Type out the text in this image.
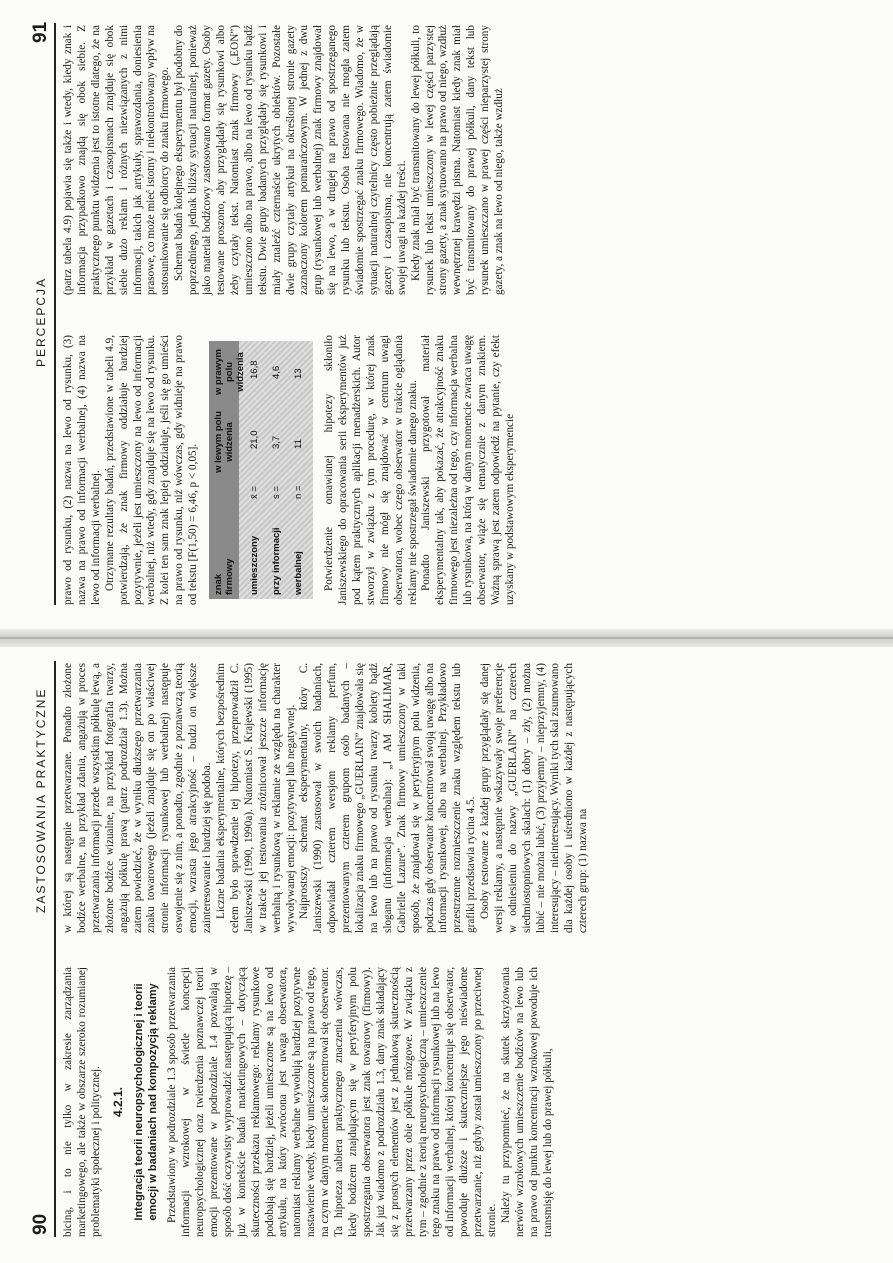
90
ZASTOSOWANIA PRAKTYCZNE

biciną, i to nie tylko w zakresie zarządzania marketingowego, ale także w obszarze szeroko rozumianej problematyki społecznej i politycznej. 4.2.1. Integracja teorii neuropsychologicznej i teorii emocji w badaniach nad kompozycją reklamy Przedstawiony w podrozdziale 1.3 sposób przetwarzania informacji wzrokowej w świetle koncepcji neuropsychologicznej oraz twierdzenia poznawczej teorii emocji prezentowane w podrozdziale 1.4 pozwalają w sposób dość oczywisty wyprowadzić następującą hipotezę – już w kontekście badań marketingowych – dotyczącą skuteczności przekazu reklamowego: reklamy rysunkowe podobają się bardziej, jeżeli umieszczone są na lewo od artykułu, na który zwrócona jest uwaga obserwatora, natomiast reklamy werbalne wywołują bardziej pozytywne nastawienie wtedy, kiedy umieszczone są na prawo od tego, na czym w danym momencie skoncentrował się obserwator. Ta hipoteza nabiera praktycznego znaczenia wówczas, kiedy bodźcem znajdującym się w peryferyjnym polu spostrzegania obserwatora jest znak towarowy (firmowy). Jak już wiadomo z podrozdziału 1.3, dany znak składający się z prostych elementów jest z jednakową skutecznością przetwarzany przez obie półkule mózgowe. W związku z tym – zgodnie z teorią neuropsychologiczną – umieszczenie tego znaku na prawo od informacji rysunkowej lub na lewo od informacji werbalnej, której koncentruje się obserwator, powoduje dłuższe i skuteczniejsze jego nieświadome przetwarzanie, niż gdyby został umieszczony po przeciwnej stronie. Należy tu przypomnieć, że na skutek skrzyżowania nerwów wzrokowych umieszczenie bodźców na lewo lub na prawo od punktu koncentracji wzrokowej powoduje ich transmisję do lewej lub do prawej półkuli,

w której są następnie przetwarzane. Ponadto złożone bodźce werbalne, na przykład zdania, angażują w proces przetwarzania informacji przede wszystkim półkulę lewą, a złożone bodźce wizualne, na przykład fotografia twarzy, angażują półkulę prawą (patrz podrozdział 1.3). Można zatem powiedzieć, że w wyniku dłuższego przetwarzania znaku towarowego (jeżeli znajduje się on po właściwej stronie informacji rysunkowej lub werbalnej) następuje oswojenie się z nim, a ponadto, zgodnie z poznawczą teorią emocji, wzrasta jego atrakcyjność – budzi on większe zainteresowanie i bardziej się podoba. Liczne badania eksperymentalne, których bezpośrednim celem było sprawdzenie tej hipotezy, przeprowadził C. Janiszewski (1990, 1990a). Natomiast S. Krajewski (1995) w trakcie jej testowania zróżnicował jeszcze informację werbalną i rysunkową w reklamie ze względu na charakter wywoływanej emocji: pozytywnej lub negatywnej. Najprostszy schemat eksperymentalny, który C. Janiszewski (1990) zastosował w swoich badaniach, odpowiadał czterem wersjom reklamy perfum, prezentowanym czterem grupom osób badanych – lokalizacja znaku firmowego „GUERLAIN” znajdowała się na lewo lub na prawo od rysunku twarzy kobiety bądź sloganu (informacja werbalna): „I AM SHALIMAR, Gabrielle Lazure”. Znak firmowy umieszczony w taki sposób, że znajdował się w peryferyjnym polu widzenia, podczas gdy obserwator koncentrował swoją uwagę albo na informacji rysunkowej, albo na werbalnej. Przykładowo przestrzenne rozmieszczenie znaku względem tekstu lub grafiki przedstawia rycina 4.5. Osoby testowane z każdej grupy przyglądały się danej wersji reklamy, a następnie wskazywały swoje preferencje w odniesieniu do nazwy „GUERLAIN” na czterech siedmiostopniowych skalach: (1) dobry – zły, (2) można lubić – nie można lubić, (3) przyjemny – nieprzyjemny, (4) interesujący – nieinteresujący. Wyniki tych skal zsumowano dla każdej osoby i uśredniono w każdej z następujących czterech grup: (1) nazwa na

PERCEPCJA
91

prawo od rysunku, (2) nazwa na lewo od rysunku, (3) nazwa na prawo od informacji werbalnej, (4) nazwa na lewo od informacji werbalnej. Otrzymane rezultaty badań, przedstawione w tabeli 4.9, potwierdzają, że znak firmowy oddziałuje bardziej pozytywnie, jeżeli jest umieszczony na lewo od informacji werbalnej, niż wtedy, gdy znajduje się na lewo od rysunku. Z kolei ten sam znak lepiej oddziałuje, jeśli się go umieści na prawo od rysunku, niż wówczas, gdy widnieje na prawo od tekstu [F(1,50) = 6,46, p < 0,05]. znak firmowy
w lewym polu widzenia
w prawym polu widzenia
umieszczony
x̄ =
21,0
16,8
przy informacji
s =
3,7
4,6
werbalnej
n =
11
13 Potwierdzenie omawianej hipotezy skłoniło Janiszewskiego do opracowania serii eksperymentów już pod kątem praktycznych aplikacji menadżerskich. Autor stworzył w związku z tym procedurę, w której znak firmowy nie mógł się znajdować w centrum uwagi obserwatora, wobec czego obserwator w trakcie oglądania reklamy nie spostrzegał świadomie danego znaku. Ponadto Janiszewski przygotował materiał eksperymentalny tak, aby pokazać, że atrakcyjność znaku firmowego jest niezależna od tego, czy informacja werbalna lub rysunkowa, na którą w danym momencie zwraca uwagę obserwator, wiąże się tematycznie z danym znakiem. Ważną sprawą jest zatem odpowiedź na pytanie, czy efekt uzyskany w podstawowym eksperymencie

(patrz tabela 4.9) pojawia się także i wtedy, kiedy znak i informacja przypadkowo znajdą się obok siebie. Z praktycznego punktu widzenia jest to istotne dlatego, że na przykład w gazetach i czasopismach znajduje się obok siebie dużo reklam i różnych niezwiązanych z nimi informacji, takich jak artykuły, sprawozdania, doniesienia prasowe, co może mieć istotny i niekontrolowany wpływ na ustosunkowanie się odbiorcy do znaku firmowego. Schemat badań kolejnego eksperymentu był podobny do poprzedniego, jednak bliższy sytuacji naturalnej, ponieważ jako materiał bodźcowy zastosowano format gazety. Osoby testowane proszono, aby przyglądały się rysunkowi albo żeby czytały tekst. Natomiast znak firmowy („EON”) umieszczono albo na prawo, albo na lewo od rysunku bądź tekstu. Dwie grupy badanych przyglądały się rysunkowi i miały znaleźć czternaście ukrytych obiektów. Pozostałe dwie grupy czytały artykuł na określonej stronie gazety zaznaczony kolorem pomarańczowym. W jednej z dwu grup (rysunkowej lub werbalnej) znak firmowy znajdował się na lewo, a w drugiej na prawo od spostrzeganego rysunku lub tekstu. Osoba testowana nie mogła zatem świadomie spostrzegać znaku firmowego. Wiadomo, że w sytuacji naturalnej czytelnicy często pobieżnie przeglądają gazety i czasopisma, nie koncentrują zatem świadomie swojej uwagi na każdej treści. Kiedy znak miał być transmitowany do lewej półkuli, to rysunek lub tekst umieszczony w lewej części parzystej strony gazety, a znak sytuowano na prawo od niego, wzdłuż wewnętrznej krawędzi pisma. Natomiast kiedy znak miał być transmitowany do prawej półkuli, dany tekst lub rysunek umieszczano w prawej części nieparzystej strony gazety, a znak na lewo od niego, także wzdłuż
